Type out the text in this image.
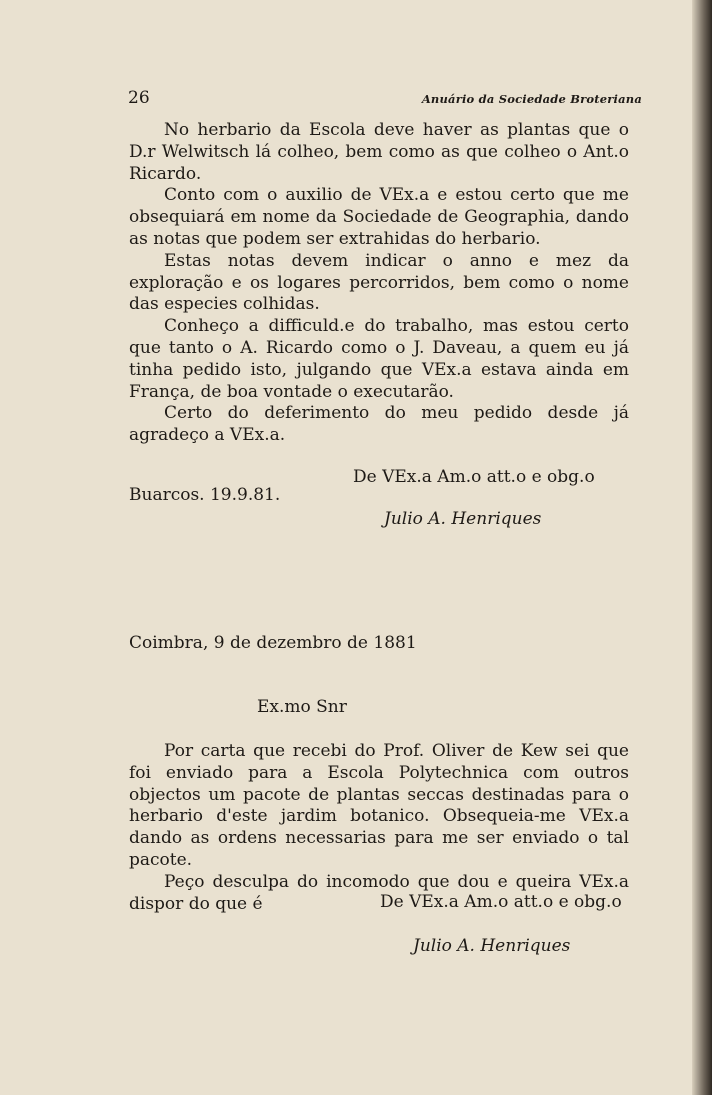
26	Anuário da Sociedade Broteriana

No herbario da Escola deve haver as plantas que o D.r Welwitsch lá colheo, bem como as que colheo o Ant.o Ricardo.

Conto com o auxilio de VEx.a e estou certo que me obsequiará em nome da Sociedade de Geographia, dando as notas que podem ser extrahidas do herbario.

Estas notas devem indicar o anno e mez da exploração e os logares percorridos, bem como o nome das especies colhidas.

Conheço a difficuld.e do trabalho, mas estou certo que tanto o A. Ricardo como o J. Daveau, a quem eu já tinha pedido isto, julgando que VEx.a estava ainda em França, de boa vontade o executarão.

Certo do deferimento do meu pedido desde já agradeço a VEx.a.

De VEx.a Am.o att.o e obg.o
Buarcos. 19.9.81.
Julio A. Henriques
Coimbra, 9 de dezembro de 1881
Ex.mo Snr

Por carta que recebi do Prof. Oliver de Kew sei que foi enviado para a Escola Polytechnica com outros objectos um pacote de plantas seccas destinadas para o herbario d'este jardim botanico. Obsequeia-me VEx.a dando as ordens necessarias para me ser enviado o tal pacote.

Peço desculpa do incomodo que dou e queira VEx.a dispor do que é	De VEx.a Am.o att.o e obg.o
Julio A. Henriques
